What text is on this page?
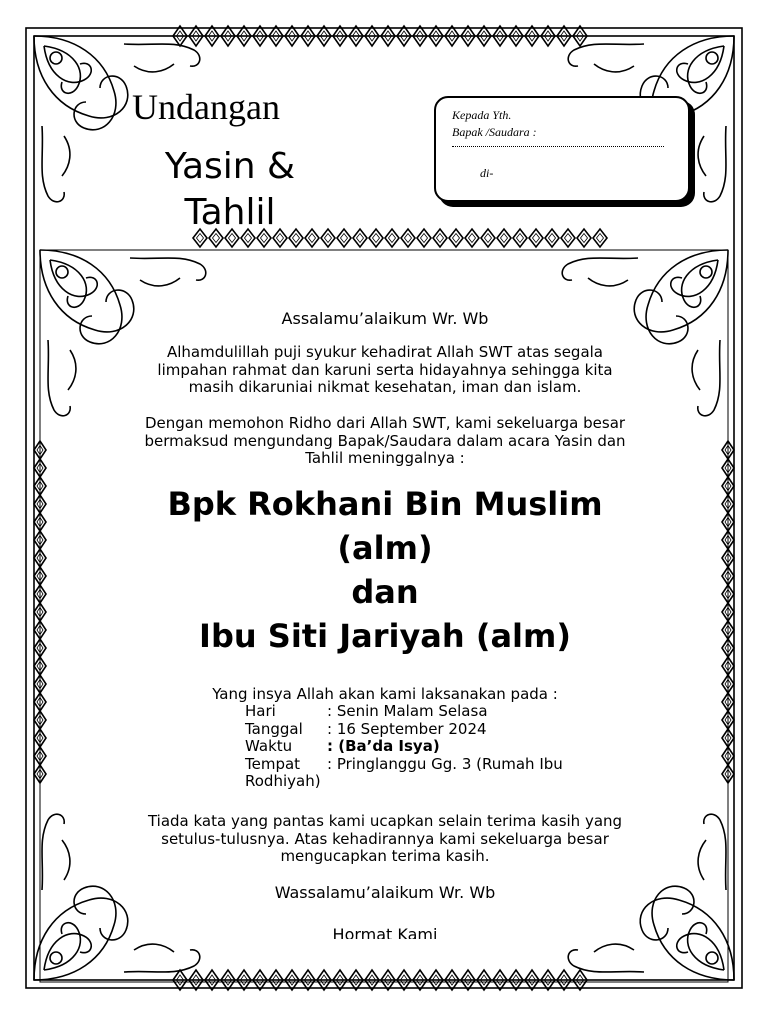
Undangan
Yasin &
Tahlil
Kepada Yth.
Bapak /Saudara :
di-
Assalamu’alaikum Wr. Wb
Alhamdulillah puji syukur kehadirat Allah SWT atas segala
limpahan rahmat dan karuni serta hidayahnya sehingga kita
masih dikaruniai nikmat kesehatan, iman dan islam.
Dengan memohon Ridho dari Allah SWT, kami sekeluarga besar
bermaksud mengundang Bapak/Saudara dalam acara Yasin dan
Tahlil meninggalnya :
Bpk Rokhani Bin Muslim
(alm)
dan
Ibu Siti Jariyah (alm)
Yang insya Allah akan kami laksanakan pada :
Hari	: Senin Malam Selasa
Tanggal : 16 September 2024
Waktu : (Ba’da Isya)
Tempat : Pringlanggu Gg. 3 (Rumah Ibu
Rodhiyah)
Tiada kata yang pantas kami ucapkan selain terima kasih yang
setulus-tulusnya. Atas kehadirannya kami sekeluarga besar
mengucapkan terima kasih.
Wassalamu’alaikum Wr. Wb
Hormat Kami
